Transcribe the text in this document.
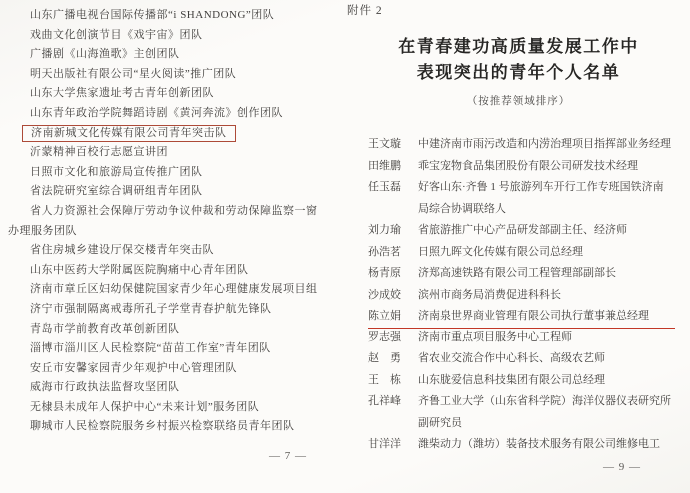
山东广播电视台国际传播部“i SHANDONG”团队
戏曲文化创演节目《戏宇宙》团队
广播剧《山海渔歌》主创团队
明天出版社有限公司“星火阅读”推广团队
山东大学焦家遗址考古青年创新团队
山东青年政治学院舞蹈诗剧《黄河奔流》创作团队
济南新城文化传媒有限公司青年突击队
沂蒙精神百校行志愿宣讲团
日照市文化和旅游局宣传推广团队
省法院研究室综合调研组青年团队
省人力资源社会保障厅劳动争议仲裁和劳动保障监察一窗办理服务团队
省住房城乡建设厅保交楼青年突击队
山东中医药大学附属医院胸痛中心青年团队
济南市章丘区妇幼保健院国家青少年心理健康发展项目组
济宁市强制隔离戒毒所孔子学堂青春护航先锋队
青岛市学前教育改革创新团队
淄博市淄川区人民检察院“苗苗工作室”青年团队
安丘市安馨家园青少年观护中心管理团队
威海市行政执法监督攻坚团队
无棣县未成年人保护中心“未来计划”服务团队
聊城市人民检察院服务乡村振兴检察联络员青年团队
— 7 —
附件 2
在青春建功高质量发展工作中
表现突出的青年个人名单
（按推荐领域排序）
王文璇	中建济南市雨污改造和内涝治理项目指挥部业务经理
田维鹏	乖宝宠物食品集团股份有限公司研发技术经理
任玉磊	好客山东·齐鲁 1 号旅游列车开行工作专班国铁济南局综合协调联络人
刘力瑜	省旅游推广中心产品研发部副主任、经济师
孙浩茗	日照九晖文化传媒有限公司总经理
杨青原	济郑高速铁路有限公司工程管理部副部长
沙成姣	滨州市商务局消费促进科科长
陈立娟	济南泉世界商业管理有限公司执行董事兼总经理
罗志强	济南市重点项目服务中心工程师
赵　勇	省农业交流合作中心科长、高级农艺师
王　栋	山东胧爱信息科技集团有限公司总经理
孔祥峰	齐鲁工业大学（山东省科学院）海洋仪器仪表研究所副研究员
甘洋洋	潍柴动力（潍坊）装备技术服务有限公司维修电工
— 9 —
